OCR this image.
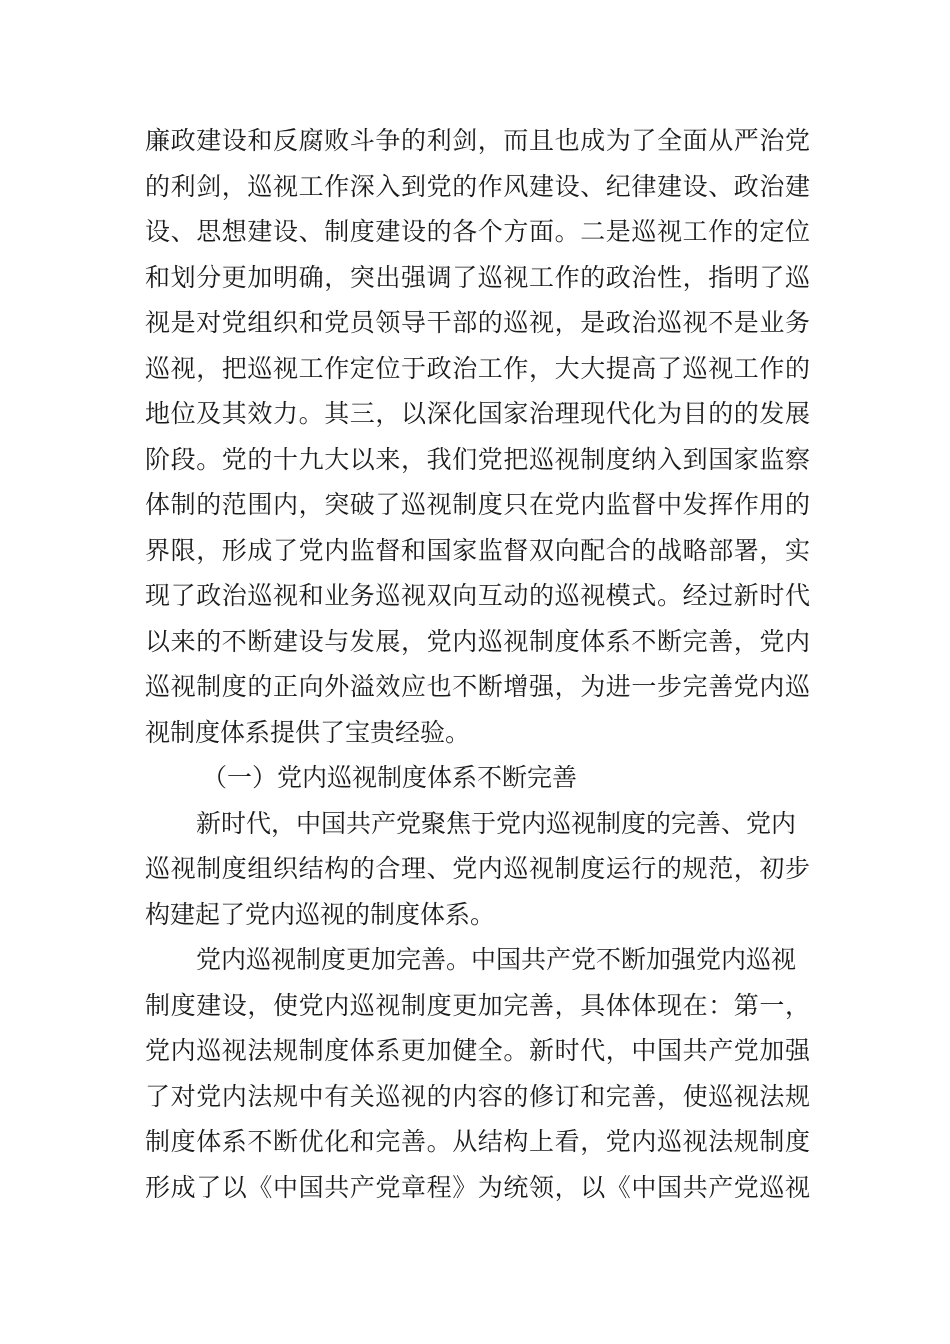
廉政建设和反腐败斗争的利剑，而且也成为了全面从严治党
的利剑，巡视工作深入到党的作风建设、纪律建设、政治建
设、思想建设、制度建设的各个方面。二是巡视工作的定位
和划分更加明确，突出强调了巡视工作的政治性，指明了巡
视是对党组织和党员领导干部的巡视，是政治巡视不是业务
巡视，把巡视工作定位于政治工作，大大提高了巡视工作的
地位及其效力。其三，以深化国家治理现代化为目的的发展
阶段。党的十九大以来，我们党把巡视制度纳入到国家监察
体制的范围内，突破了巡视制度只在党内监督中发挥作用的
界限，形成了党内监督和国家监督双向配合的战略部署，实
现了政治巡视和业务巡视双向互动的巡视模式。经过新时代
以来的不断建设与发展，党内巡视制度体系不断完善，党内
巡视制度的正向外溢效应也不断增强，为进一步完善党内巡
视制度体系提供了宝贵经验。
（一）党内巡视制度体系不断完善
新时代，中国共产党聚焦于党内巡视制度的完善、党内
巡视制度组织结构的合理、党内巡视制度运行的规范，初步
构建起了党内巡视的制度体系。
党内巡视制度更加完善。中国共产党不断加强党内巡视
制度建设，使党内巡视制度更加完善，具体体现在：第一，
党内巡视法规制度体系更加健全。新时代，中国共产党加强
了对党内法规中有关巡视的内容的修订和完善，使巡视法规
制度体系不断优化和完善。从结构上看，党内巡视法规制度
形成了以《中国共产党章程》为统领，以《中国共产党巡视
